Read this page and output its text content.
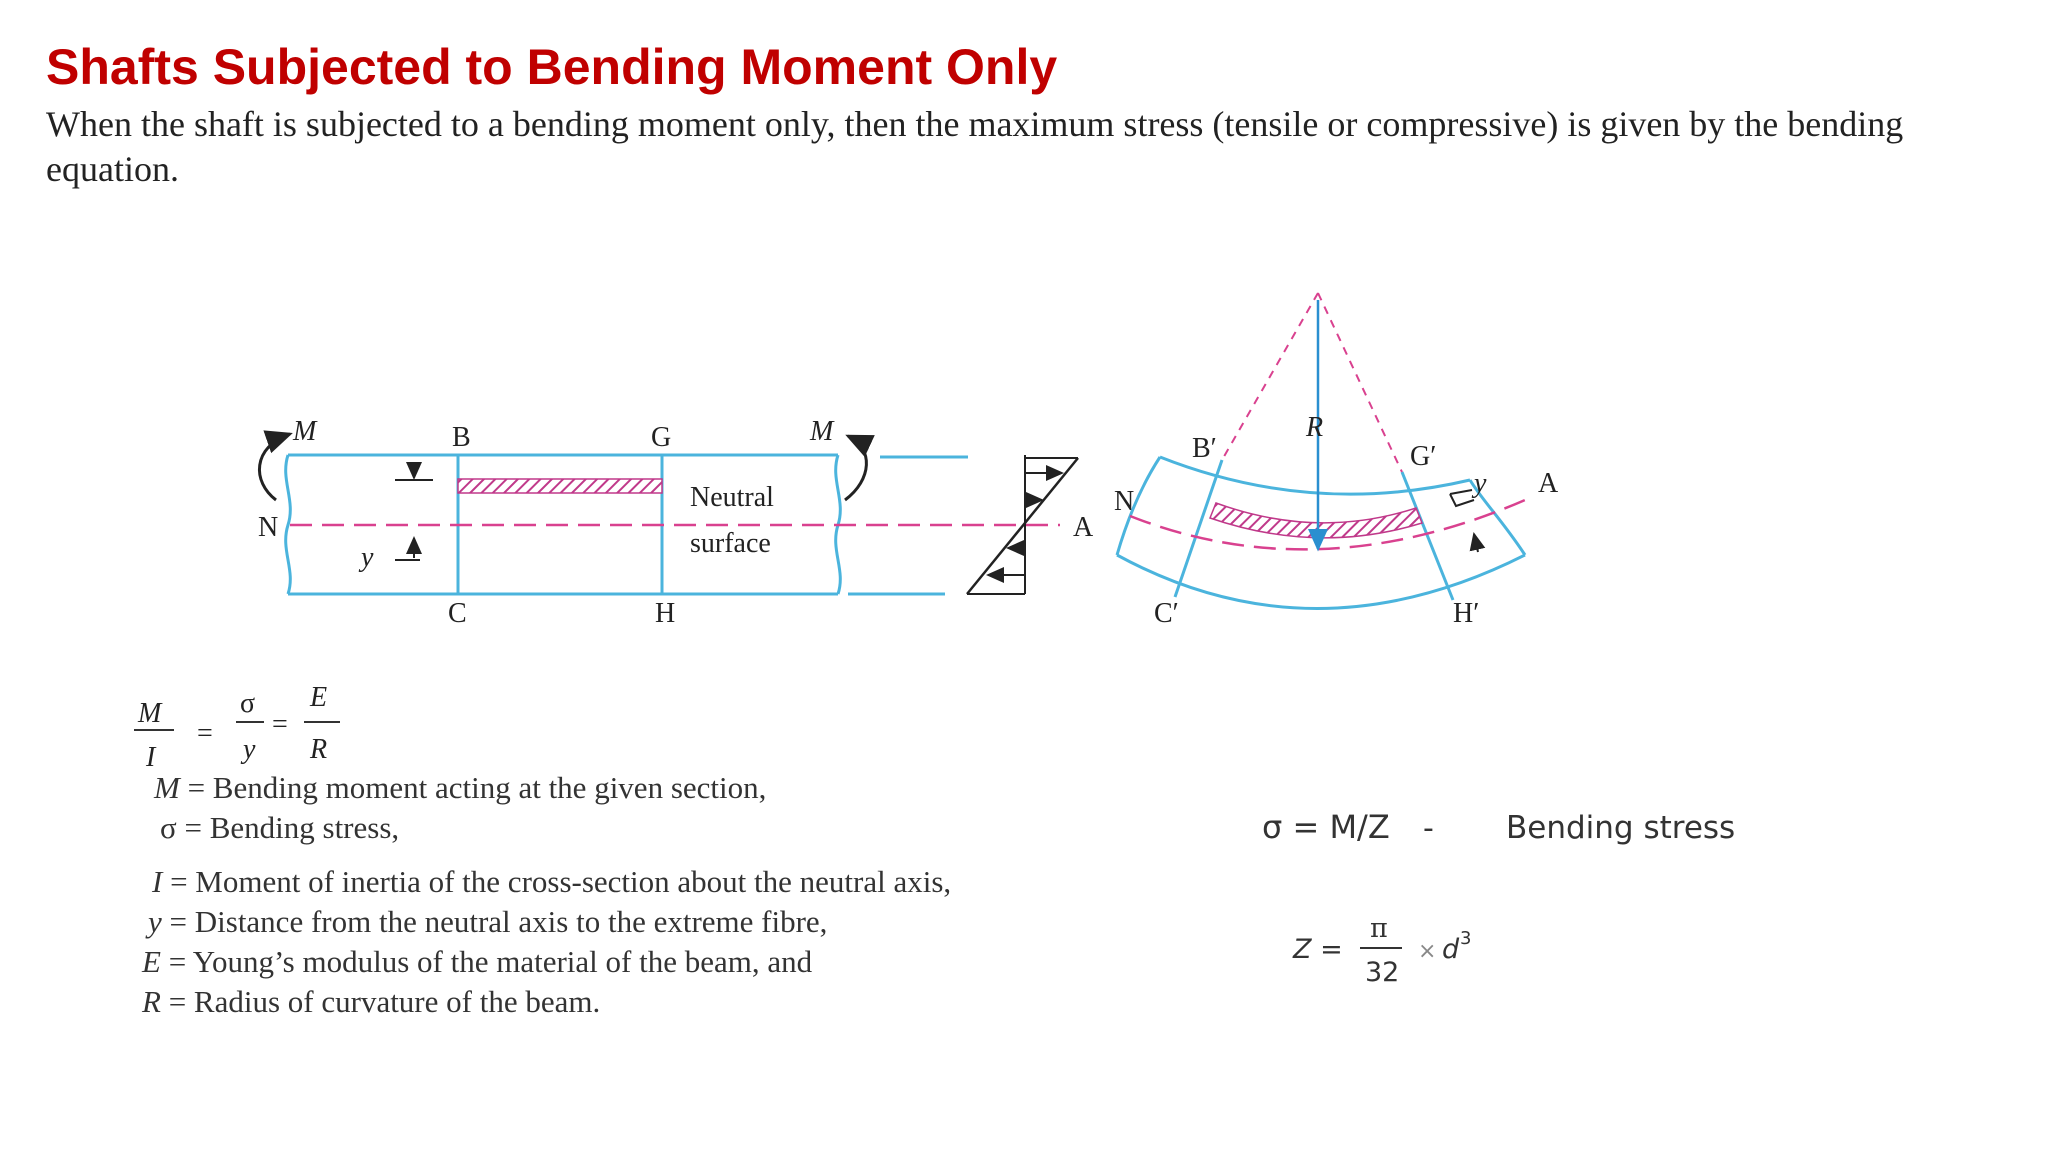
Shafts Subjected to Bending Moment Only

When the shaft is subjected to a bending moment only, then the maximum stress (tensile or compressive) is given by the bending equation.

M	M
B	G
C	H
N
y
Neutral
surface
A
N
A
B′	G′
C′	H′
R
y
M
I
=
σ
y
=
E
R
σ = M/Z - Bending stress
Z =
π
32
× d 3
M = Bending moment acting at the given section,
σ = Bending stress,
I = Moment of inertia of the cross-section about the neutral axis,
y = Distance from the neutral axis to the extreme fibre,
E = Young’s modulus of the material of the beam, and
R = Radius of curvature of the beam.
